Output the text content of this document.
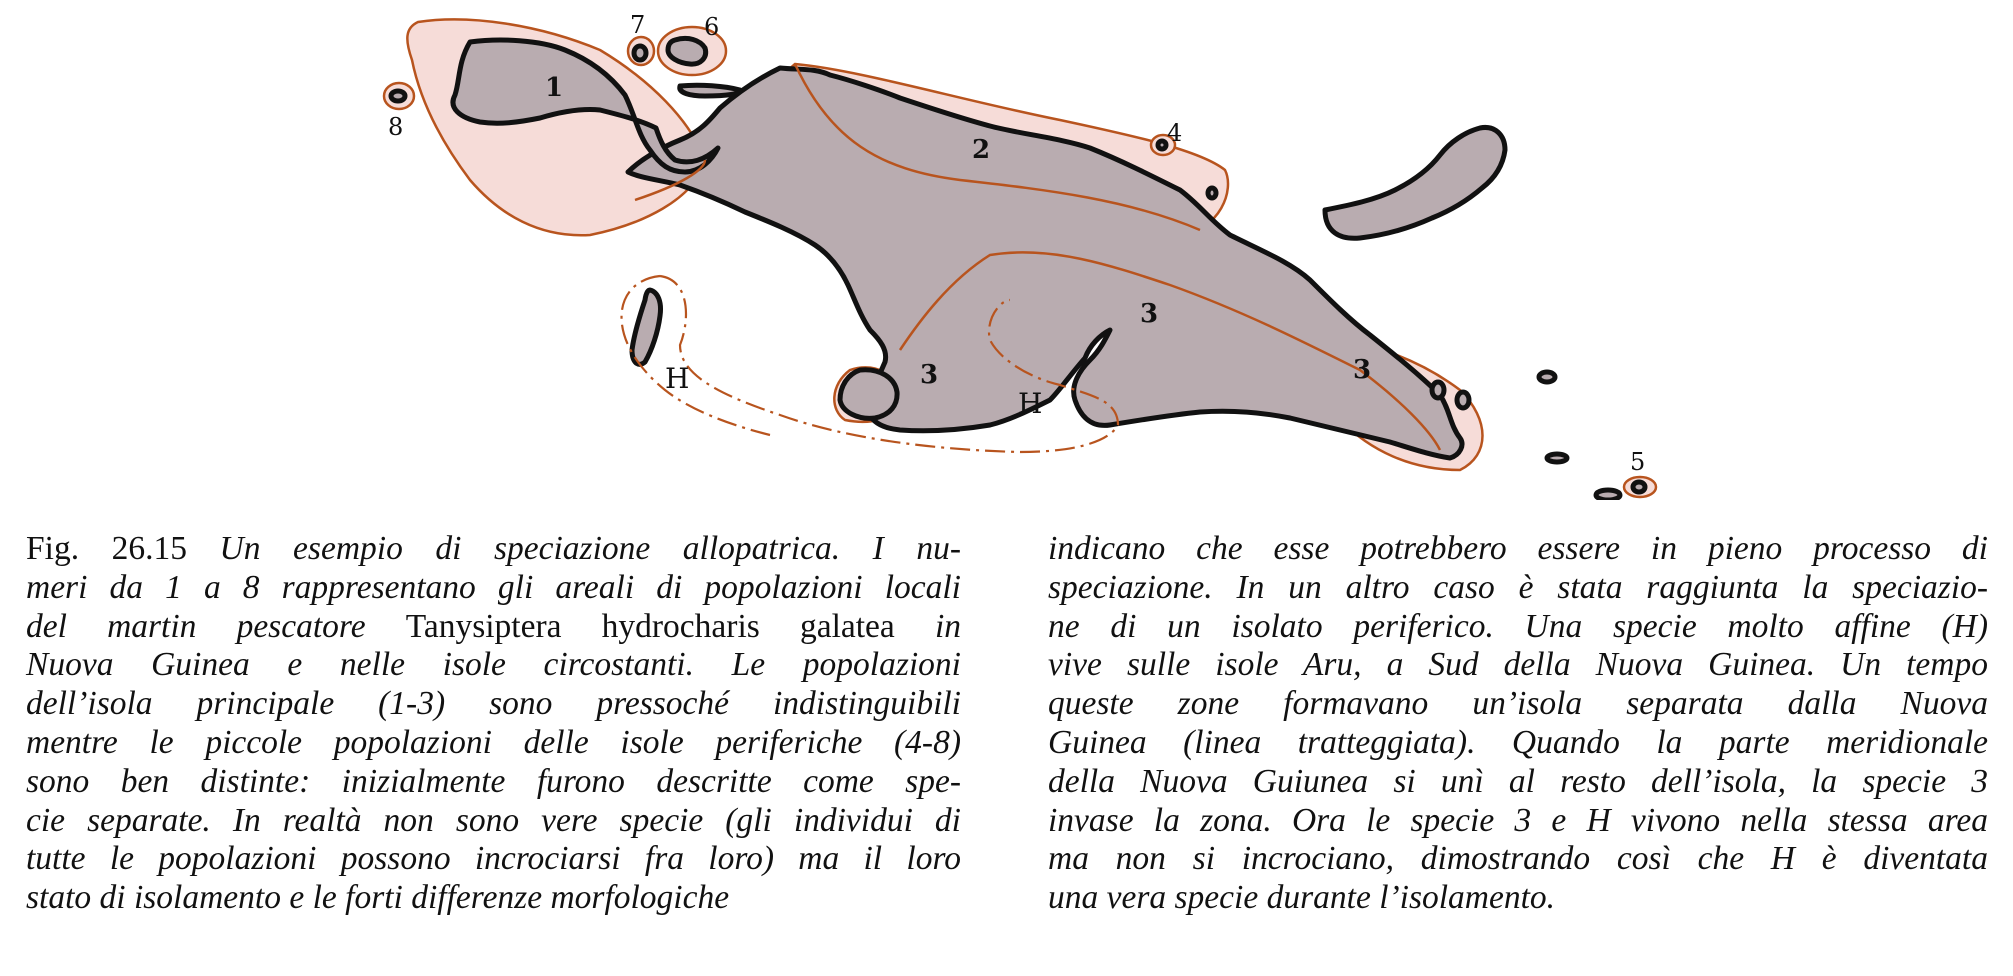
1
2
3
3
3
4
5
6
7
8
H
H
Fig. 26.15 Un esempio di speciazione allopatrica. I nu-
meri da 1 a 8 rappresentano gli areali di popolazioni locali
del martin pescatore Tanysiptera hydrocharis galatea in
Nuova Guinea e nelle isole circostanti. Le popolazioni
dell’isola principale (1-3) sono pressoché indistinguibili
mentre le piccole popolazioni delle isole periferiche (4-8)
sono ben distinte: inizialmente furono descritte come spe-
cie separate. In realtà non sono vere specie (gli individui di
tutte le popolazioni possono incrociarsi fra loro) ma il loro
stato di isolamento e le forti differenze morfologiche
indicano che esse potrebbero essere in pieno processo di
speciazione. In un altro caso è stata raggiunta la speciazio-
ne di un isolato periferico. Una specie molto affine (H)
vive sulle isole Aru, a Sud della Nuova Guinea. Un tempo
queste zone formavano un’isola separata dalla Nuova
Guinea (linea tratteggiata). Quando la parte meridionale
della Nuova Guiunea si unì al resto dell’isola, la specie 3
invase la zona. Ora le specie 3 e H vivono nella stessa area
ma non si incrociano, dimostrando così che H è diventata
una vera specie durante l’isolamento.
